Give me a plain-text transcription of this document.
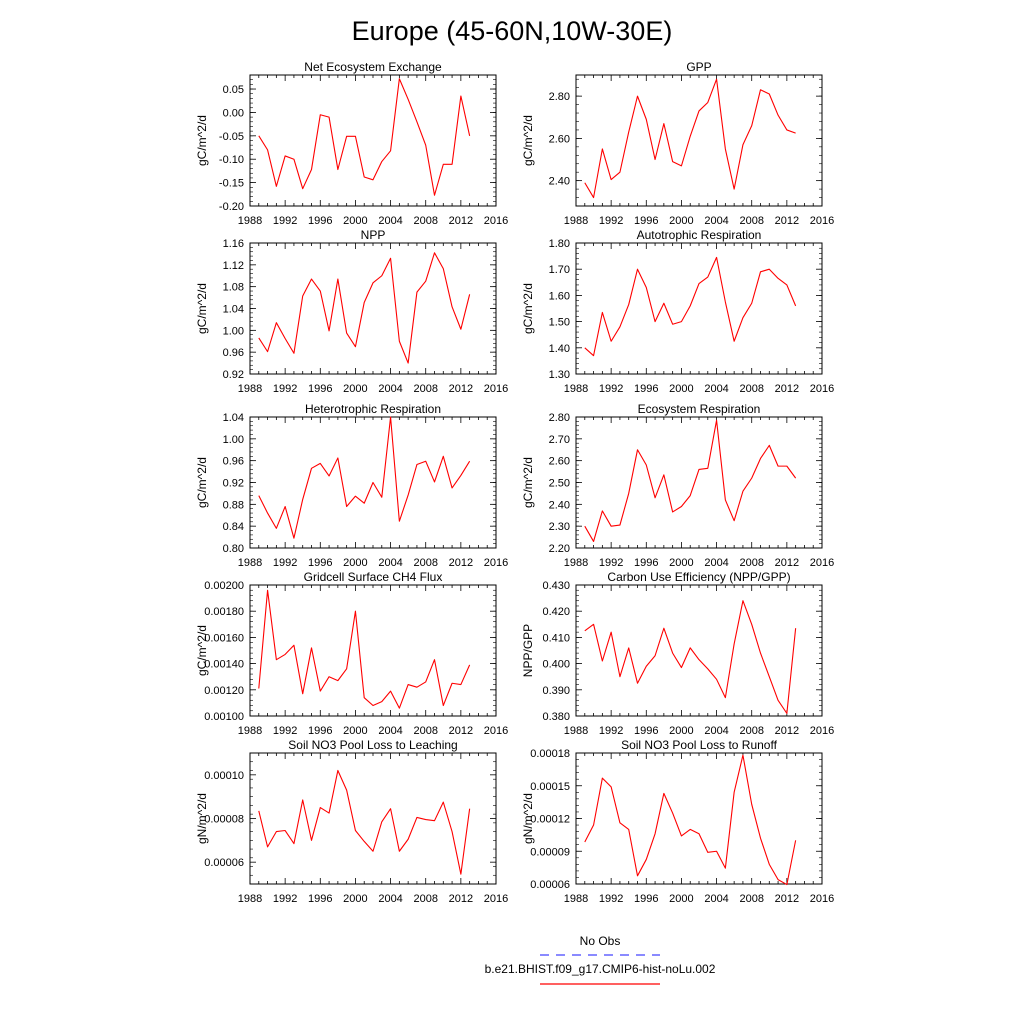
Europe (45-60N,10W-30E)
1988 1992 1996 2000 2004 2008 2012 2016
0.05
0.00
-0.05
-0.10
-0.15
-0.20
Net Ecosystem Exchange
gC/m^2/d
1988 1992 1996 2000 2004 2008 2012 2016
2.80
2.60
2.40
GPP
gC/m^2/d
1988 1992 1996 2000 2004 2008 2012 2016
1.16
1.12
1.08
1.04
1.00
0.96
0.92
NPP
gC/m^2/d
1988 1992 1996 2000 2004 2008 2012 2016
1.80
1.70
1.60
1.50
1.40
1.30
Autotrophic Respiration
gC/m^2/d
1988 1992 1996 2000 2004 2008 2012 2016
1.04
1.00
0.96
0.92
0.88
0.84
0.80
Heterotrophic Respiration
gC/m^2/d
1988 1992 1996 2000 2004 2008 2012 2016
2.80
2.70
2.60
2.50
2.40
2.30
2.20
Ecosystem Respiration
gC/m^2/d
1988 1992 1996 2000 2004 2008 2012 2016
0.00200
0.00180
0.00160
0.00140
0.00120
0.00100
Gridcell Surface CH4 Flux
gC/m^2/d
1988 1992 1996 2000 2004 2008 2012 2016
0.430
0.420
0.410
0.400
0.390
0.380
Carbon Use Efficiency (NPP/GPP)
NPP/GPP
1988 1992 1996 2000 2004 2008 2012 2016
0.00010
0.00008
0.00006
Soil NO3 Pool Loss to Leaching
gN/m^2/d
1988 1992 1996 2000 2004 2008 2012 2016
0.00018
0.00015
0.00012
0.00009
0.00006
Soil NO3 Pool Loss to Runoff
gN/m^2/d
No Obs
b.e21.BHIST.f09_g17.CMIP6-hist-noLu.002
